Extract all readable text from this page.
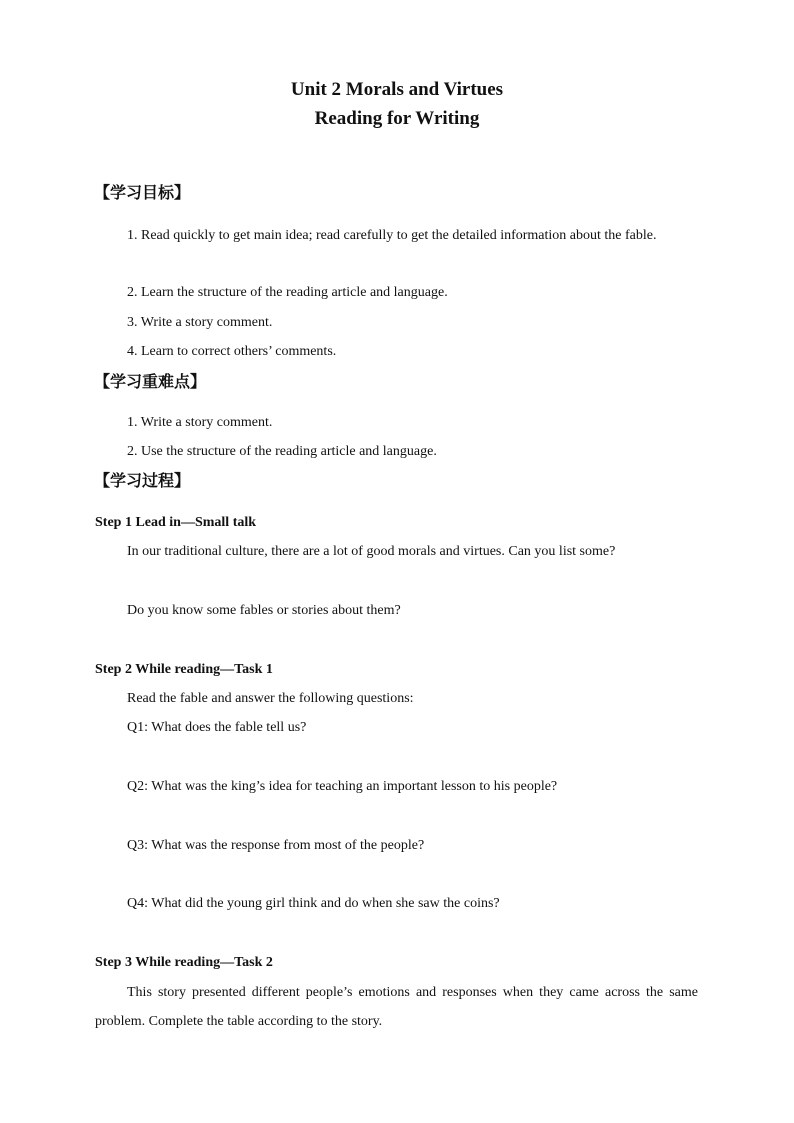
Unit 2 Morals and Virtues
Reading for Writing
【学习目标】
1. Read quickly to get main idea; read carefully to get the detailed information about the fable.
2. Learn the structure of the reading article and language.
3. Write a story comment.
4. Learn to correct others’ comments.
【学习重难点】
1. Write a story comment.
2. Use the structure of the reading article and language.
【学习过程】
Step 1 Lead in—Small talk
In our traditional culture, there are a lot of good morals and virtues. Can you list some?
Do you know some fables or stories about them?
Step 2 While reading—Task 1
Read the fable and answer the following questions:
Q1: What does the fable tell us?
Q2: What was the king’s idea for teaching an important lesson to his people?
Q3: What was the response from most of the people?
Q4: What did the young girl think and do when she saw the coins?
Step 3 While reading—Task 2
This story presented different people’s emotions and responses when they came across the same problem. Complete the table according to the story.
